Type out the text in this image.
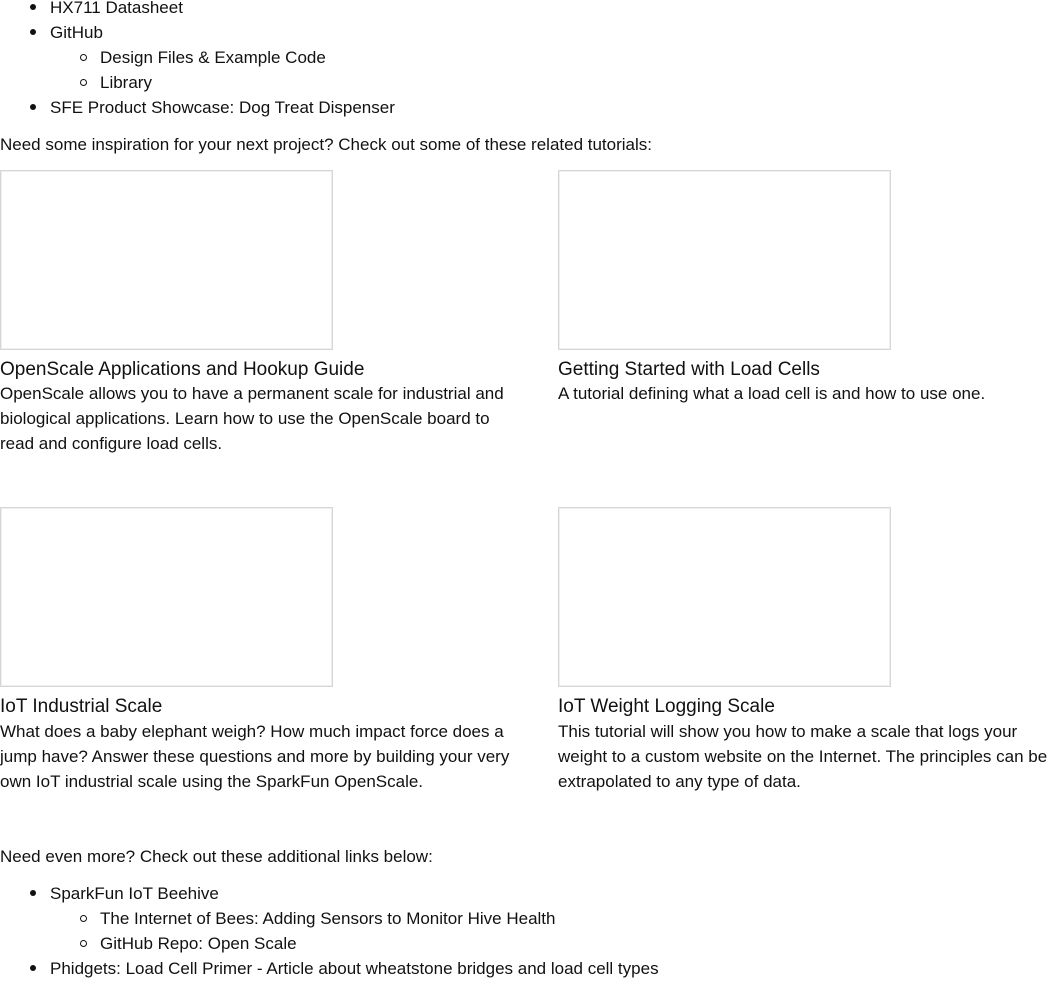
HX711 Datasheet
GitHub
Design Files & Example Code
Library
SFE Product Showcase: Dog Treat Dispenser

Need some inspiration for your next project? Check out some of these related tutorials:

OpenScale Applications and Hookup Guide
OpenScale allows you to have a permanent scale for industrial and biological applications. Learn how to use the OpenScale board to read and configure load cells.
Getting Started with Load Cells
A tutorial defining what a load cell is and how to use one.
IoT Industrial Scale
What does a baby elephant weigh? How much impact force does a jump have? Answer these questions and more by building your very own IoT industrial scale using the SparkFun OpenScale.
IoT Weight Logging Scale
This tutorial will show you how to make a scale that logs your weight to a custom website on the Internet. The principles can be extrapolated to any type of data.

Need even more? Check out these additional links below:

SparkFun IoT Beehive
The Internet of Bees: Adding Sensors to Monitor Hive Health
GitHub Repo: Open Scale
Phidgets: Load Cell Primer - Article about wheatstone bridges and load cell types
